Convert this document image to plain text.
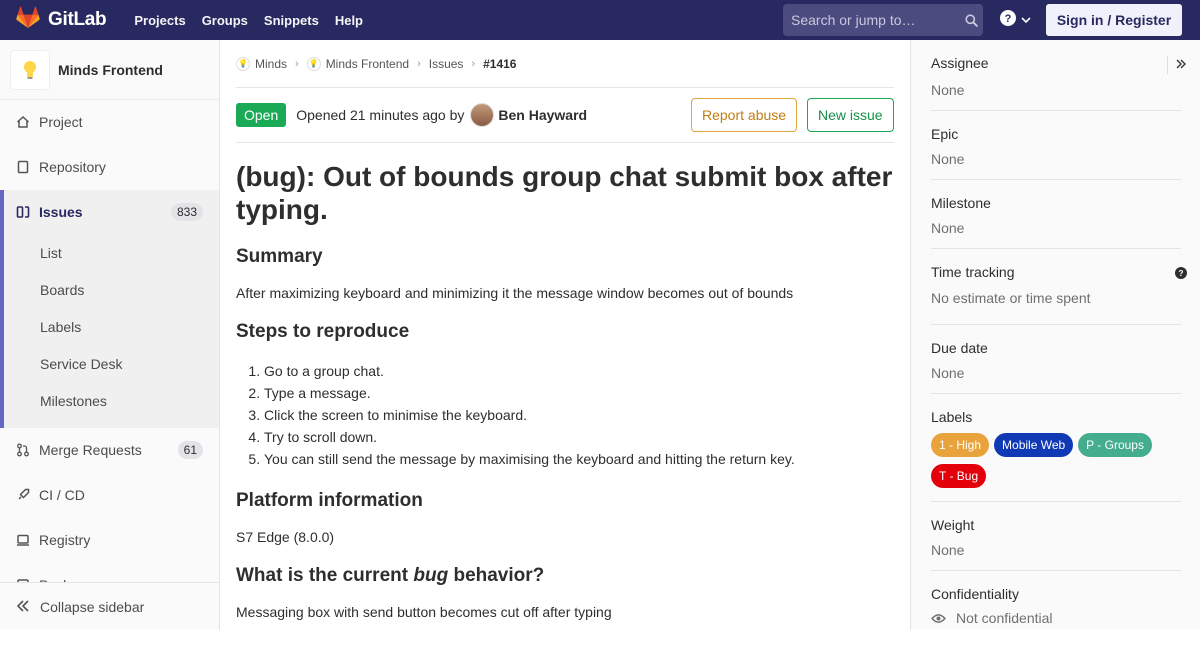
GitLab	Projects	Groups	Snippets	Help	Search or jump to…	?	Sign in / Register
Minds Frontend
Project
Repository
Issues	833
List
Boards
Labels
Service Desk
Milestones
Merge Requests	61
CI / CD
Registry
Collapse sidebar
💡 Minds › 💡 Minds Frontend › Issues › #1416
Open	Opened 21 minutes ago by Ben Hayward	Report abuse	New issue
(bug): Out of bounds group chat submit box after typing.
Summary

After maximizing keyboard and minimizing it the message window becomes out of bounds

Steps to reproduce
1. Go to a group chat.
2. Type a message.
3. Click the screen to minimise the keyboard.
4. Try to scroll down.
5. You can still send the message by maximising the keyboard and hitting the return key.
Platform information

S7 Edge (8.0.0)

What is the current bug behavior?

Messaging box with send button becomes cut off after typing

Assignee
None
Epic
None
Milestone
None
Time tracking	?
No estimate or time spent
Due date
None
Labels
1 - High	Mobile Web	P - Groups
T - Bug
Weight
None
Confidentiality
Not confidential
